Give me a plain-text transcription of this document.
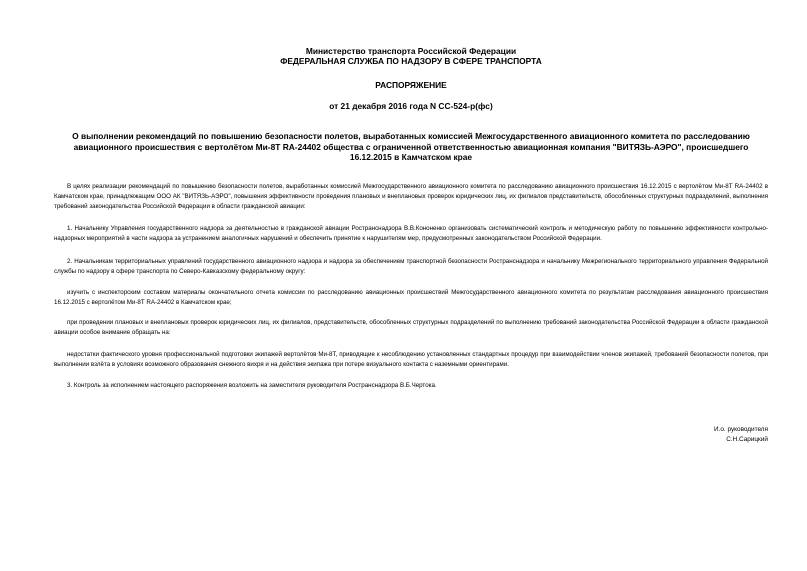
Министерство транспорта Российской Федерации

ФЕДЕРАЛЬНАЯ СЛУЖБА ПО НАДЗОРУ В СФЕРЕ ТРАНСПОРТА

РАСПОРЯЖЕНИЕ

от 21 декабря 2016 года N СС-524-р(фс)

О выполнении рекомендаций по повышению безопасности полетов, выработанных комиссией Межгосударственного авиационного комитета по расследованию авиационного происшествия с вертолётом Ми-8Т RA-24402 общества с ограниченной ответственностью авиационная компания "ВИТЯЗЬ-АЭРО", происшедшего 16.12.2015 в Камчатском крае

В целях реализации рекомендаций по повышению безопасности полетов, выработанных комиссией Межгосударственного авиационного комитета по расследованию авиационного происшествия 16.12.2015 с вертолётом Ми-8Т RA-24402 в Камчатском крае, принадлежащим ООО АК "ВИТЯЗЬ-АЭРО", повышения эффективности проведения плановых и внеплановых проверок юридических лиц, их филиалов представительств, обособленных структурных подразделений, выполнения требований законодательства Российской Федерации в области гражданской авиации:

1. Начальнику Управления государственного надзора за деятельностью в гражданской авиации Ространснадзора В.В.Кононенко организовать систематический контроль и методическую работу по повышению эффективности контрольно-надзорных мероприятий в части надзора за устранением аналогичных нарушений и обеспечить принятие к нарушителям мер, предусмотренных законодательством Российской Федерации.

2. Начальникам территориальных управлений государственного авиационного надзора и надзора за обеспечением транспортной безопасности Ространснадзора и начальнику Межрегионального территориального управления Федеральной службы по надзору в сфере транспорта по Северо-Кавказскому федеральному округу:

изучить с инспекторским составом материалы окончательного отчета комиссии по расследованию авиационных происшествий Межгосударственного авиационного комитета по результатам расследования авиационного происшествия 16.12.2015 с вертолётом Ми-8Т RA-24402 в Камчатском крае;

при проведении плановых и внеплановых проверок юридических лиц, их филиалов, представительств, обособленных структурных подразделений по выполнению требований законодательства Российской Федерации в области гражданской авиации особое внимание обращать на:

недостатки фактического уровня профессиональной подготовки экипажей вертолётов Ми-8Т, приводящие к несоблюдению установленных стандартных процедур при взаимодействии членов экипажей, требований безопасности полетов, при выполнении взлёта в условиях возможного образования снежного вихря и на действия экипажа при потере визуального контакта с наземными ориентирами.

3. Контроль за исполнением настоящего распоряжения возложить на заместителя руководителя Ространснадзора В.Б.Чертока.

И.о. руководителя

С.Н.Сарицкий
